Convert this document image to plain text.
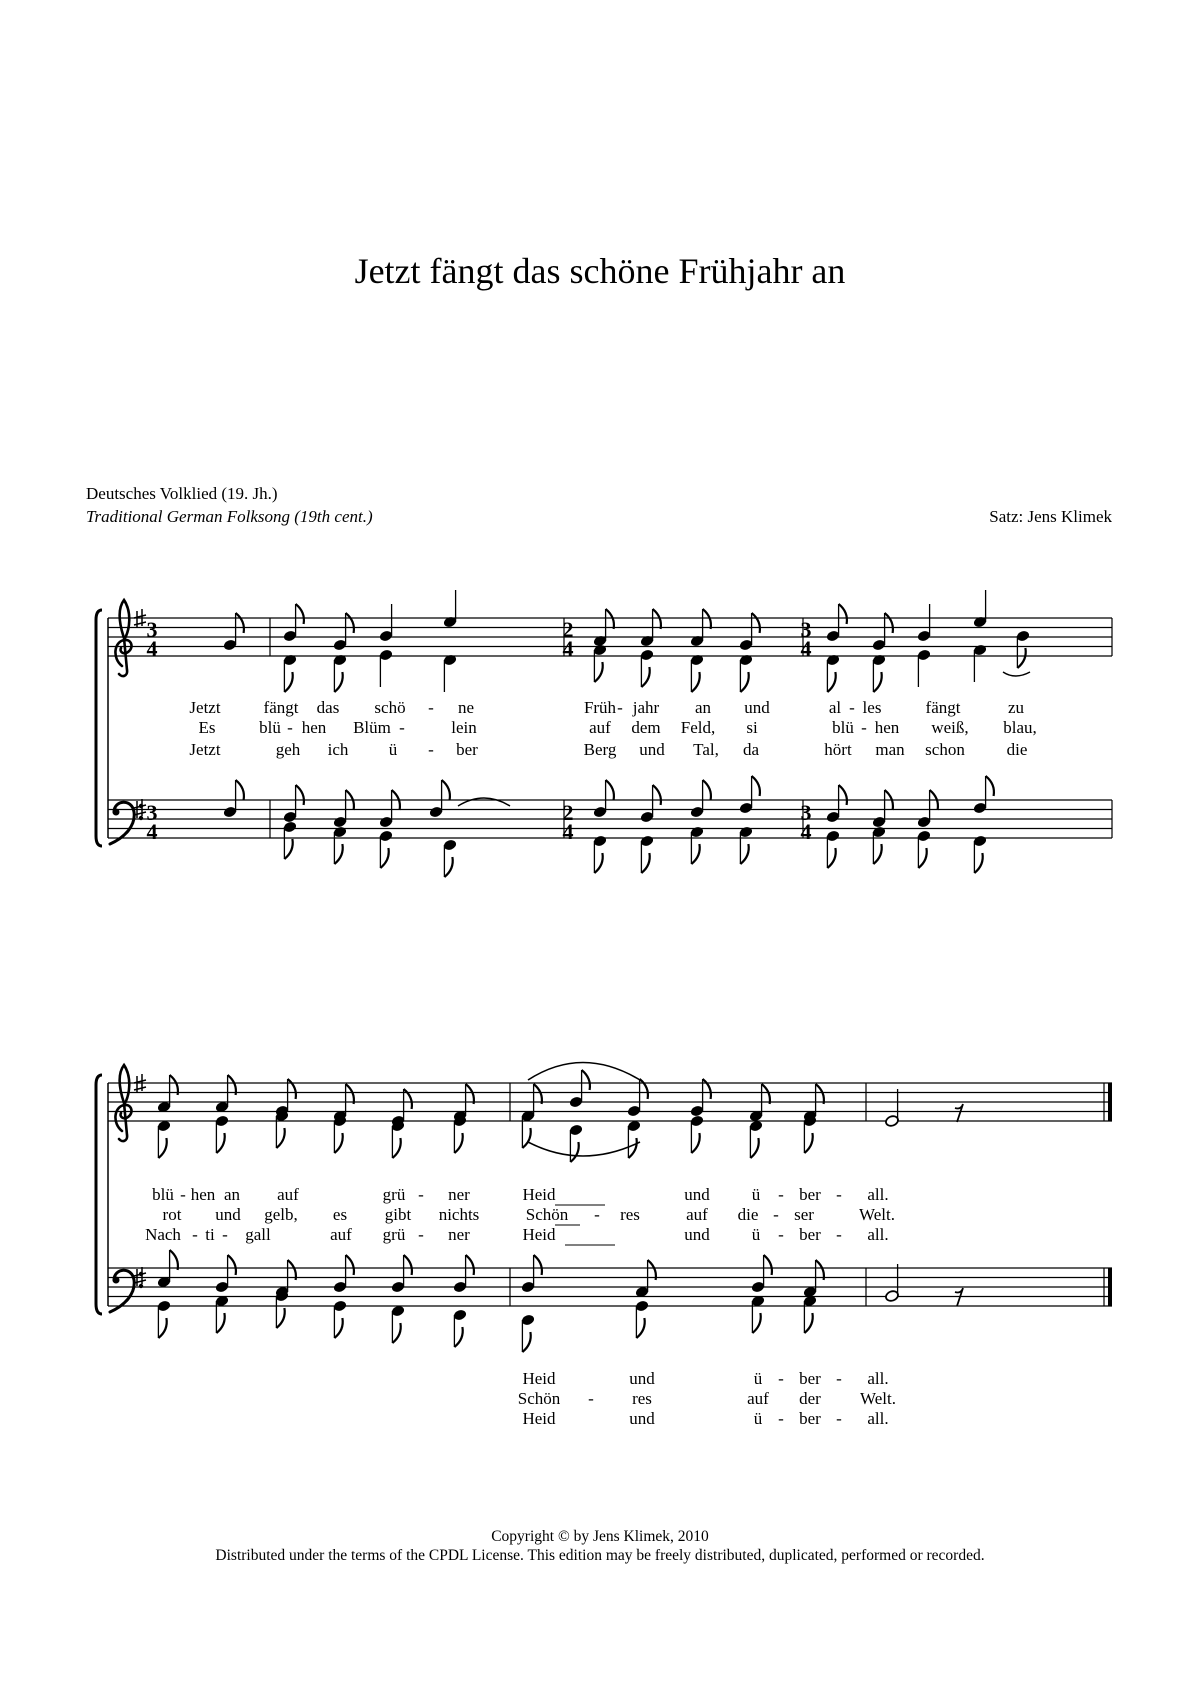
Jetzt fängt das schöne Frühjahr an
Deutsches Volklied (19. Jh.)
Traditional German Folksong (19th cent.)	Satz: Jens Klimek
3
4
3
4
2
4
2
4
3
4
3
4
Jetzt	fängt das schö - ne	Früh - jahr an und	al - les	fängt	zu
Es	blü - hen Blüm -	lein	auf dem Feld, si	blü - hen weiß, blau,
Jetzt	geh ich ü - ber	Berg und Tal, da	hört man schon die
blü - hen an auf	grü - ner	Heid	und ü - ber - all.
rot und gelb, es gibt nichts	Schön - res	auf die - ser	Welt.
Nach - ti - gall	auf grü - ner	Heid	und ü - ber - all.
Heid	und	ü - ber - all.
Schön - res	auf der Welt.
Heid	und	ü - ber - all.
Copyright © by Jens Klimek, 2010
Distributed under the terms of the CPDL License. This edition may be freely distributed, duplicated, performed or recorded.
